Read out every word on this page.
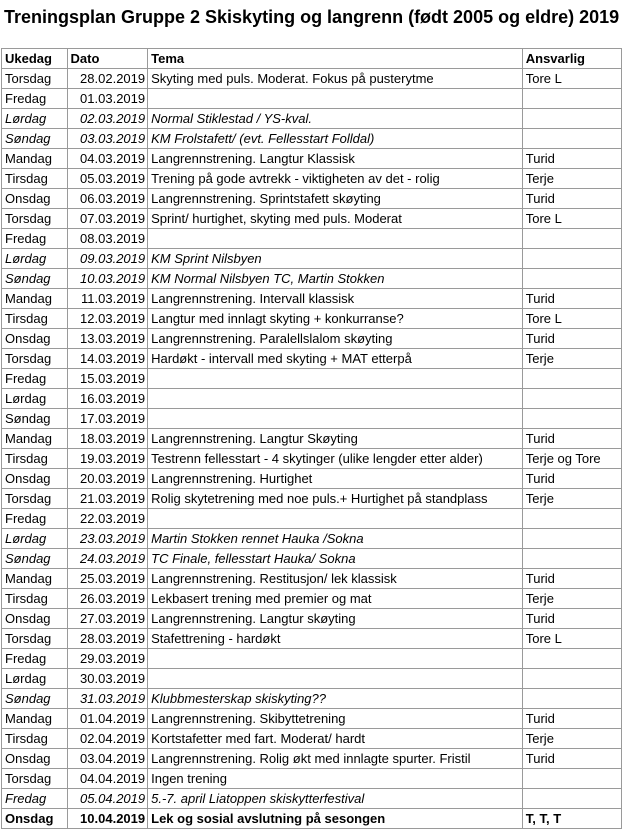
Treningsplan Gruppe 2 Skiskyting og langrenn (født 2005 og eldre) 2019
Ukedag	Dato	Tema	Ansvarlig
Torsdag	28.02.2019	Skyting med puls. Moderat. Fokus på pusterytme	Tore L
Fredag	01.03.2019		
Lørdag	02.03.2019	Normal Stiklestad / YS-kval.	
Søndag	03.03.2019	KM Frolstafett/ (evt. Fellesstart Folldal)	
Mandag	04.03.2019	Langrennstrening. Langtur Klassisk	Turid
Tirsdag	05.03.2019	Trening på gode avtrekk - viktigheten av det - rolig	Terje
Onsdag	06.03.2019	Langrennstrening. Sprintstafett skøyting	Turid
Torsdag	07.03.2019	Sprint/ hurtighet, skyting med puls. Moderat	Tore L
Fredag	08.03.2019		
Lørdag	09.03.2019	KM Sprint Nilsbyen	
Søndag	10.03.2019	KM Normal Nilsbyen TC, Martin Stokken	
Mandag	11.03.2019	Langrennstrening. Intervall klassisk	Turid
Tirsdag	12.03.2019	Langtur med innlagt skyting + konkurranse?	Tore L
Onsdag	13.03.2019	Langrennstrening. Paralellslalom skøyting	Turid
Torsdag	14.03.2019	Hardøkt - intervall med skyting + MAT etterpå	Terje
Fredag	15.03.2019		
Lørdag	16.03.2019		
Søndag	17.03.2019		
Mandag	18.03.2019	Langrennstrening. Langtur Skøyting	Turid
Tirsdag	19.03.2019	Testrenn fellesstart - 4 skytinger (ulike lengder etter alder)	Terje og Tore
Onsdag	20.03.2019	Langrennstrening. Hurtighet	Turid
Torsdag	21.03.2019	Rolig skytetrening med noe puls.+ Hurtighet på standplass	Terje
Fredag	22.03.2019		
Lørdag	23.03.2019	Martin Stokken rennet Hauka /Sokna	
Søndag	24.03.2019	TC Finale, fellesstart Hauka/ Sokna	
Mandag	25.03.2019	Langrennstrening. Restitusjon/ lek klassisk	Turid
Tirsdag	26.03.2019	Lekbasert trening med premier og mat	Terje
Onsdag	27.03.2019	Langrennstrening. Langtur skøyting	Turid
Torsdag	28.03.2019	Stafettrening - hardøkt	Tore L
Fredag	29.03.2019		
Lørdag	30.03.2019		
Søndag	31.03.2019	Klubbmesterskap skiskyting??	
Mandag	01.04.2019	Langrennstrening. Skibyttetrening	Turid
Tirsdag	02.04.2019	Kortstafetter med fart. Moderat/ hardt	Terje
Onsdag	03.04.2019	Langrennstrening. Rolig økt med innlagte spurter. Fristil	Turid
Torsdag	04.04.2019	Ingen trening	
Fredag	05.04.2019	5.-7. april Liatoppen skiskytterfestival	
Onsdag	10.04.2019	Lek og sosial avslutning på sesongen	T, T, T
